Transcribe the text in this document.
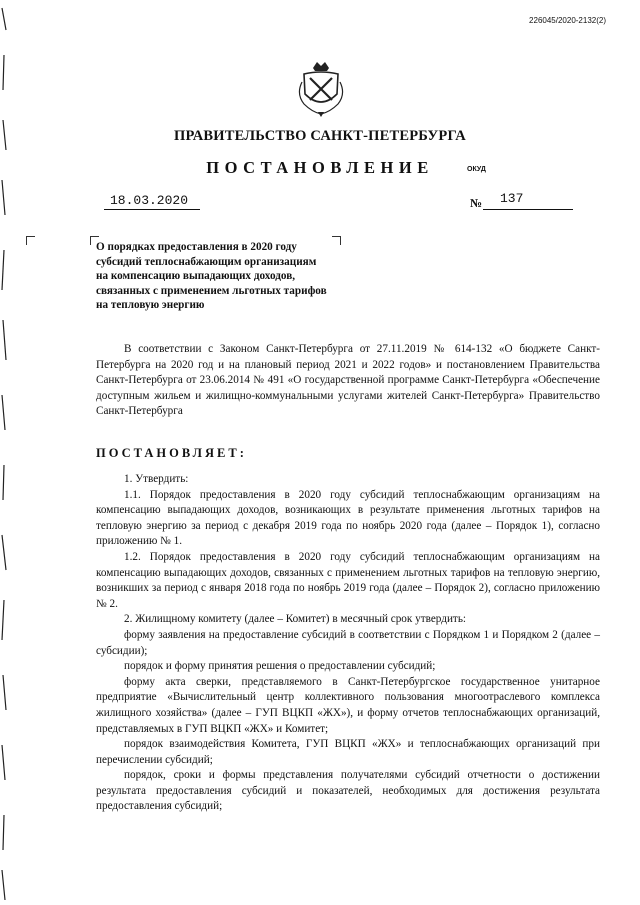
226045/2020-2132(2)
ПРАВИТЕЛЬСТВО САНКТ-ПЕТЕРБУРГА
ПОСТАНОВЛЕНИЕ	ОКУД
18.03.2020	№ 137
О порядках предоставления в 2020 году
субсидий теплоснабжающим организациям
на компенсацию выпадающих доходов,
связанных с применением льготных тарифов
на тепловую энергию

В соответствии с Законом Санкт-Петербурга от 27.11.2019 № 614-132 «О бюджете Санкт-Петербурга на 2020 год и на плановый период 2021 и 2022 годов» и постановлением Правительства Санкт-Петербурга от 23.06.2014 № 491 «О государственной программе Санкт-Петербурга «Обеспечение доступным жильем и жилищно-коммунальными услугами жителей Санкт-Петербурга» Правительство Санкт-Петербурга

ПОСТАНОВЛЯЕТ:

1. Утвердить:

1.1. Порядок предоставления в 2020 году субсидий теплоснабжающим организациям на компенсацию выпадающих доходов, возникающих в результате применения льготных тарифов на тепловую энергию за период с декабря 2019 года по ноябрь 2020 года (далее – Порядок 1), согласно приложению № 1.

1.2. Порядок предоставления в 2020 году субсидий теплоснабжающим организациям на компенсацию выпадающих доходов, связанных с применением льготных тарифов на тепловую энергию, возникших за период с января 2018 года по ноябрь 2019 года (далее – Порядок 2), согласно приложению № 2.

2. Жилищному комитету (далее – Комитет) в месячный срок утвердить:

форму заявления на предоставление субсидий в соответствии с Порядком 1 и Порядком 2 (далее – субсидии);

порядок и форму принятия решения о предоставлении субсидий;

форму акта сверки, представляемого в Санкт-Петербургское государственное унитарное предприятие «Вычислительный центр коллективного пользования многоотраслевого комплекса жилищного хозяйства» (далее – ГУП ВЦКП «ЖХ»), и форму отчетов теплоснабжающих организаций, представляемых в ГУП ВЦКП «ЖХ» и Комитет;

порядок взаимодействия Комитета, ГУП ВЦКП «ЖХ» и теплоснабжающих организаций при перечислении субсидий;

порядок, сроки и формы представления получателями субсидий отчетности о достижении результата предоставления субсидий и показателей, необходимых для достижения результата предоставления субсидий;
